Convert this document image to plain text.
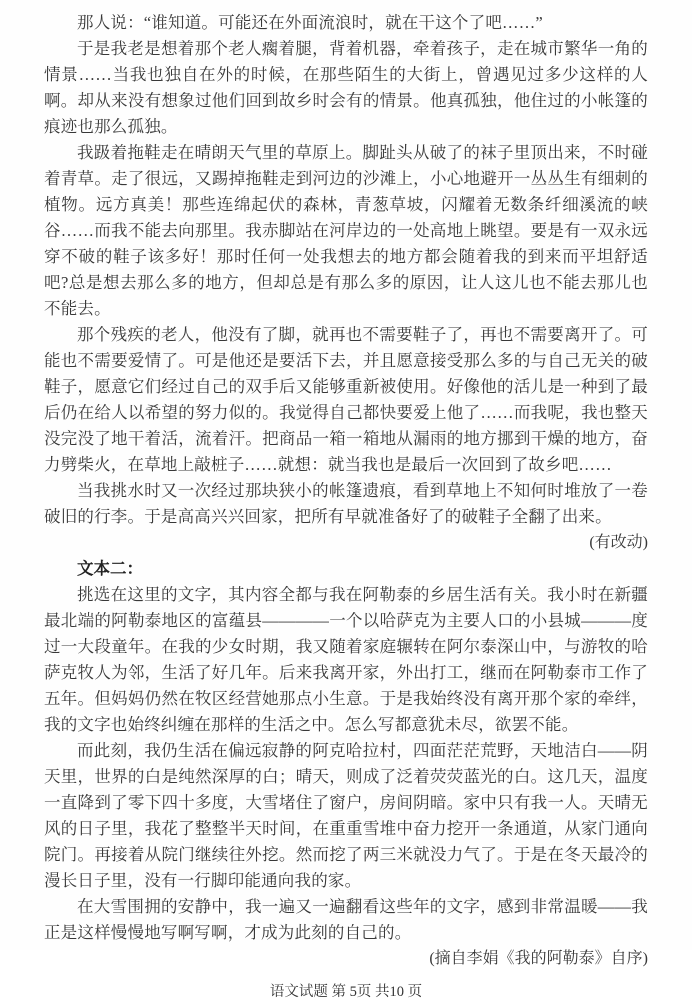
那人说：“谁知道。可能还在外面流浪时，就在干这个了吧……”

于是我老是想着那个老人瘸着腿，背着机器，牵着孩子，走在城市繁华一角的情景……当我也独自在外的时候，在那些陌生的大街上，曾遇见过多少这样的人啊。却从来没有想象过他们回到故乡时会有的情景。他真孤独，他住过的小帐篷的痕迹也那么孤独。

我趿着拖鞋走在晴朗天气里的草原上。脚趾头从破了的袜子里顶出来，不时碰着青草。走了很远，又踢掉拖鞋走到河边的沙滩上，小心地避开一丛丛生有细刺的植物。远方真美！那些连绵起伏的森林，青葱草坡，闪耀着无数条纤细溪流的峡谷……而我不能去向那里。我赤脚站在河岸边的一处高地上眺望。要是有一双永远穿不破的鞋子该多好！那时任何一处我想去的地方都会随着我的到来而平坦舒适吧?总是想去那么多的地方，但却总是有那么多的原因，让人这儿也不能去那儿也不能去。

那个残疾的老人，他没有了脚，就再也不需要鞋子了，再也不需要离开了。可能也不需要爱情了。可是他还是要活下去，并且愿意接受那么多的与自己无关的破鞋子，愿意它们经过自己的双手后又能够重新被使用。好像他的活儿是一种到了最后仍在给人以希望的努力似的。我觉得自己都快要爱上他了……而我呢，我也整天没完没了地干着活，流着汗。把商品一箱一箱地从漏雨的地方挪到干燥的地方，奋力劈柴火，在草地上敲桩子……就想：就当我也是最后一次回到了故乡吧……

当我挑水时又一次经过那块狭小的帐篷遗痕，看到草地上不知何时堆放了一卷破旧的行李。于是高高兴兴回家，把所有早就准备好了的破鞋子全翻了出来。

(有改动)

文本二：

挑选在这里的文字，其内容全都与我在阿勒泰的乡居生活有关。我小时在新疆最北端的阿勒泰地区的富蕴县————一个以哈萨克为主要人口的小县城———度过一大段童年。在我的少女时期，我又随着家庭辗转在阿尔泰深山中，与游牧的哈萨克牧人为邻，生活了好几年。后来我离开家，外出打工，继而在阿勒泰市工作了五年。但妈妈仍然在牧区经营她那点小生意。于是我始终没有离开那个家的牵绊，我的文字也始终纠缠在那样的生活之中。怎么写都意犹未尽，欲罢不能。

而此刻，我仍生活在偏远寂静的阿克哈拉村，四面茫茫荒野，天地洁白——阴天里，世界的白是纯然深厚的白；晴天，则成了泛着荧荧蓝光的白。这几天，温度一直降到了零下四十多度，大雪堵住了窗户，房间阴暗。家中只有我一人。天晴无风的日子里，我花了整整半天时间，在重重雪堆中奋力挖开一条通道，从家门通向院门。再接着从院门继续往外挖。然而挖了两三米就没力气了。于是在冬天最冷的漫长日子里，没有一行脚印能通向我的家。

在大雪围拥的安静中，我一遍又一遍翻看这些年的文字，感到非常温暖——我正是这样慢慢地写啊写啊，才成为此刻的自己的。

(摘自李娟《我的阿勒泰》自序)

语文试题 第 5页 共10 页
